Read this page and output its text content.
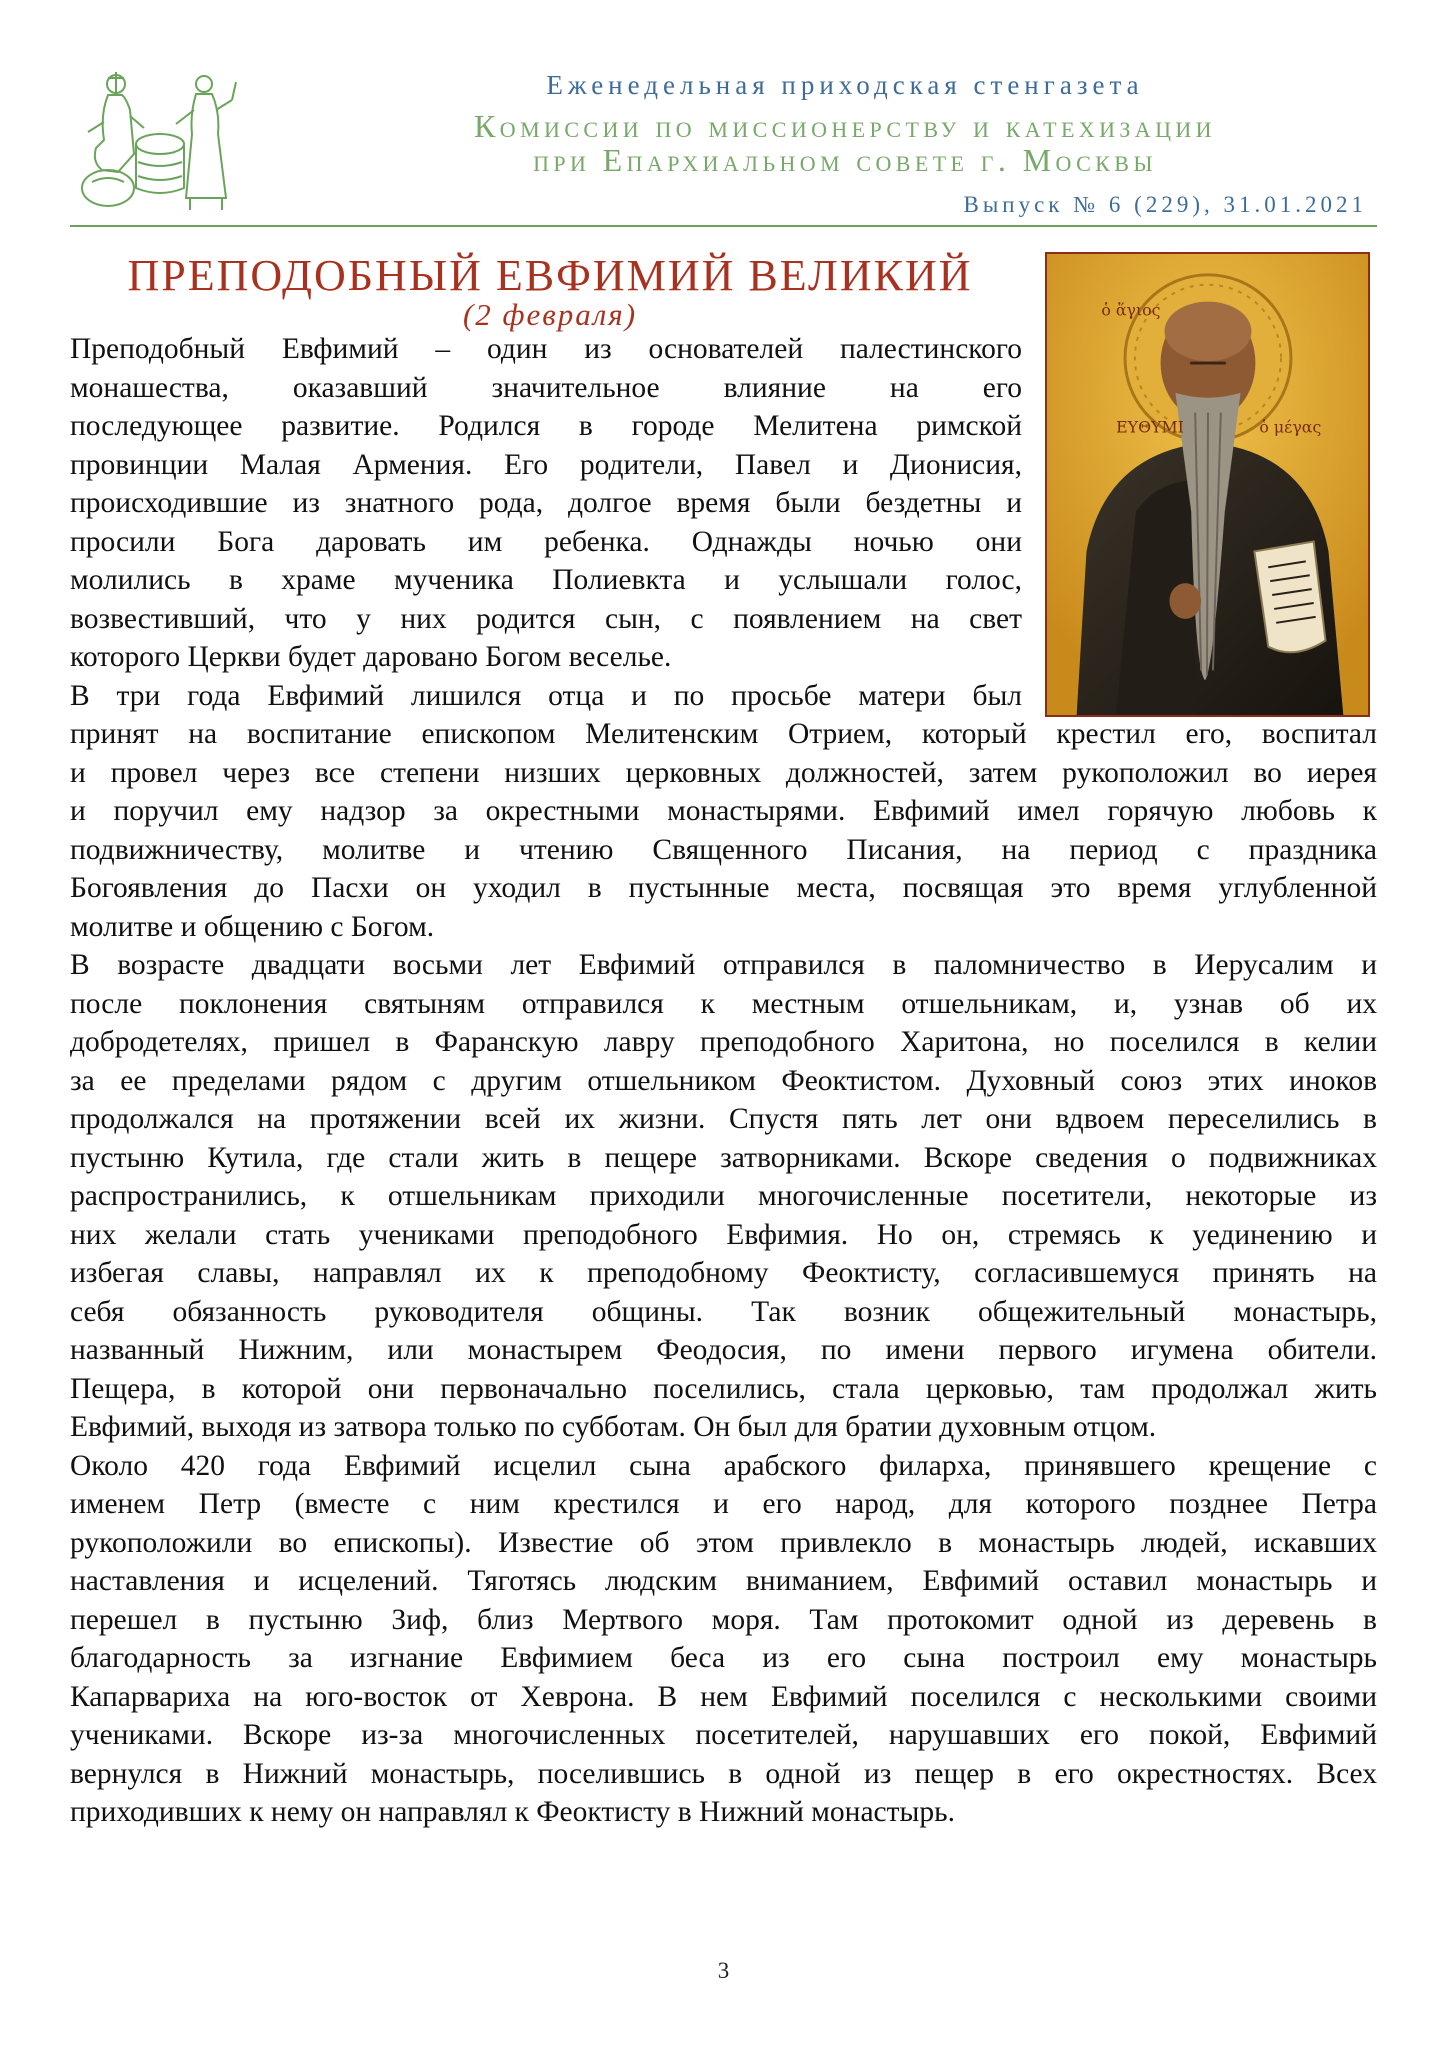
Еженедельная приходская стенгазета
Комиссии по миссионерству и катехизации
при Епархиальном совете г. Москвы
Выпуск № 6 (229), 31.01.2021
ПРЕПОДОБНЫЙ ЕВФИМИЙ ВЕЛИКИЙ
(2 февраля)	ὁ ἅγιος
ΕΥΘΥΜΙ	ὁ μέγας
Преподобный Евфимий – один из основателей палестинского
монашества, оказавший значительное влияние на его
последующее развитие. Родился в городе Мелитена римской
провинции Малая Армения. Его родители, Павел и Дионисия,
происходившие из знатного рода, долгое время были бездетны и
просили Бога даровать им ребенка. Однажды ночью они
молились в храме мученика Полиевкта и услышали голос,
возвестивший, что у них родится сын, с появлением на свет
которого Церкви будет даровано Богом веселье.
В три года Евфимий лишился отца и по просьбе матери был
принят на воспитание епископом Мелитенским Отрием, который крестил его, воспитал
и провел через все степени низших церковных должностей, затем рукоположил во иерея
и поручил ему надзор за окрестными монастырями. Евфимий имел горячую любовь к
подвижничеству, молитве и чтению Священного Писания, на период с праздника
Богоявления до Пасхи он уходил в пустынные места, посвящая это время углубленной
молитве и общению с Богом.
В возрасте двадцати восьми лет Евфимий отправился в паломничество в Иерусалим и
после поклонения святыням отправился к местным отшельникам, и, узнав об их
добродетелях, пришел в Фаранскую лавру преподобного Харитона, но поселился в келии
за ее пределами рядом с другим отшельником Феоктистом. Духовный союз этих иноков
продолжался на протяжении всей их жизни. Спустя пять лет они вдвоем переселились в
пустыню Кутила, где стали жить в пещере затворниками. Вскоре сведения о подвижниках
распространились, к отшельникам приходили многочисленные посетители, некоторые из
них желали стать учениками преподобного Евфимия. Но он, стремясь к уединению и
избегая славы, направлял их к преподобному Феоктисту, согласившемуся принять на
себя обязанность руководителя общины. Так возник общежительный монастырь,
названный Нижним, или монастырем Феодосия, по имени первого игумена обители.
Пещера, в которой они первоначально поселились, стала церковью, там продолжал жить
Евфимий, выходя из затвора только по субботам. Он был для братии духовным отцом.
Около 420 года Евфимий исцелил сына арабского филарха, принявшего крещение с
именем Петр (вместе с ним крестился и его народ, для которого позднее Петра
рукоположили во епископы). Известие об этом привлекло в монастырь людей, искавших
наставления и исцелений. Тяготясь людским вниманием, Евфимий оставил монастырь и
перешел в пустыню Зиф, близ Мертвого моря. Там протокомит одной из деревень в
благодарность за изгнание Евфимием беса из его сына построил ему монастырь
Капарвариха на юго-восток от Хеврона. В нем Евфимий поселился с несколькими своими
учениками. Вскоре из-за многочисленных посетителей, нарушавших его покой, Евфимий
вернулся в Нижний монастырь, поселившись в одной из пещер в его окрестностях. Всех
приходивших к нему он направлял к Феоктисту в Нижний монастырь.
3
